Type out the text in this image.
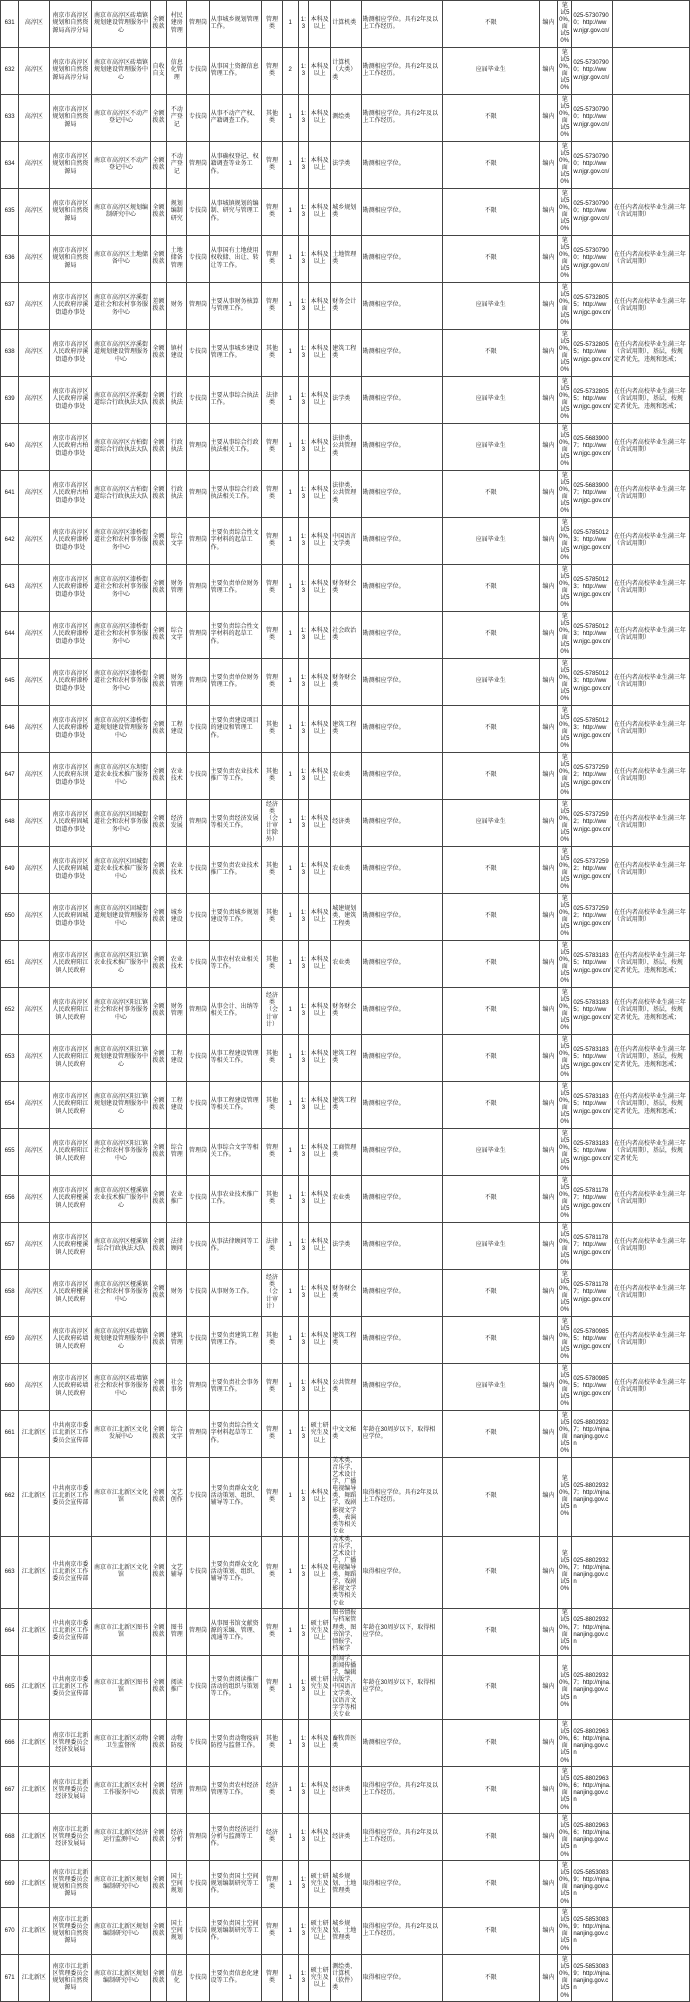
631	高淳区	南京市高淳区规划和自然资源局高淳分局	南京市高淳区砖墙镇规划建设管理服务中心	全额拨款	村民建房管理	管理岗	从事城乡规划管理工作。	管理类	1	1:3	本科及以上	计算机类	勘测相应学位。具有2年及以上工作经历。	不限	编内	笔试50%，面试50%	025-57307900；http://www.njgr.gov.cn/	
632	高淳区	南京市高淳区规划和自然资源局高淳分局	南京市高淳区砖墙镇规划建设管理服务中心	自收自支	信息化管理	专技岗	从事国土资源信息管理工作。	管理类	2	1:3	本科及以上	计算机（大类）类	勘测相应学位。具有2年及以上工作经历。	应届毕业生	编内	笔试50%，面试50%	025-57307900；http://www.njgr.gov.cn/	
633	高淳区	南京市高淳区规划和自然资源局	南京市高淳区不动产登记中心	全额拨款	不动产登记	专技岗	从事不动产产权、产籍调查工作。	其他类	1	1:3	本科及以上	测绘类	勘测相应学位。具有2年及以上工作经历。	不限	编内	笔试50%，面试50%	025-57307900；http://www.njgr.gov.cn/	
634	高淳区	南京市高淳区规划和自然资源局	南京市高淳区不动产登记中心	全额拨款	不动产登记	管理岗	从事确权登记、权籍调查等业务工作。	管理类	1	1:3	本科及以上	法学类	勘测相应学位。	不限	编内	笔试50%，面试50%	025-57307900；http://www.njgr.gov.cn/	
635	高淳区	南京市高淳区规划和自然资源局	南京市高淳区规划编制研究中心	全额拨款	规划编制研究	专技岗	从事城镇规划的编制、研究与管理工作。	管理类	1	1:3	本科及以上	城乡规划类	勘测相应学位。	不限	编内	笔试50%，面试50%	025-57307900；http://www.njgr.gov.cn/	在任内者高校毕业生满三年（含试用期）
636	高淳区	南京市高淳区规划和自然资源局	南京市高淳区土地储备中心	全额拨款	土地储备管理	专技岗	从事国有土地使用权收储、出让、转让等工作。	管理类	1	1:3	本科及以上	土地管理类	勘测相应学位。	不限	编内	笔试50%，面试50%	025-57307900；http://www.njgr.gov.cn/	在任内者高校毕业生满三年（含试用期）
637	高淳区	南京市高淳区人民政府淳溪街道办事处	南京市高淳区淳溪街道社会和农村事务服务中心	差额拨款	财务	管理岗	主要从事财务核算与管理工作。	管理类	1	1:3	本科及以上	财务会计类	勘测相应学位。	应届毕业生	编内	笔试50%，面试50%	025-57328055；http://www.njgc.gov.cn/	在任内者高校毕业生满三年（含试用期）
638	高淳区	南京市高淳区人民政府淳溪街道办事处	南京市高淳区淳溪街道规划建设管理服务中心	全额拨款	镇村建设	专技岗	主要从事城乡建设管理工作。	其他类	1	1:3	本科及以上	建筑工程类	勘测相应学位。	不限	编内	笔试50%，面试50%	025-57328055；http://www.njgc.gov.cn/	在任内者高校毕业生满三年（含试用期），基层，按规定者优先，违规和惩戒；
639	高淳区	南京市高淳区人民政府淳溪街道办事处	南京市高淳区淳溪街道综合行政执法大队	全额拨款	行政执法	专技岗	主要从事综合执法工作。	法律类	1	1:3	本科及以上	法学类	勘测相应学位。	应届毕业生	编内	笔试50%，面试50%	025-57328055；http://www.njgc.gov.cn/	在任内者高校毕业生满三年（含试用期），基层，按规定者优先，违规和惩戒；
640	高淳区	南京市高淳区人民政府古柏街道办事处	南京市高淳区古柏街道综合行政执法大队	全额拨款	行政执法	管理岗	主要从事综合行政执法相关工作。	管理类	1	1:3	本科及以上	法律类、公共管理类	勘测相应学位。	应届毕业生	编内	笔试50%，面试50%	025-56839007；http://www.njgc.gov.cn/	在任内者高校毕业生满三年（含试用期）
641	高淳区	南京市高淳区人民政府古柏街道办事处	南京市高淳区古柏街道综合行政执法大队	全额拨款	行政执法	管理岗	主要从事综合行政执法相关工作。	管理类	1	1:3	本科及以上	法律类、公共管理类	勘测相应学位。	不限	编内	笔试50%，面试50%	025-56839007；http://www.njgc.gov.cn/	在任内者高校毕业生满三年（含试用期）
642	高淳区	南京市高淳区人民政府漆桥街道办事处	南京市高淳区漆桥街道社会和农村事务服务中心	全额拨款	综合文字	管理岗	主要负责综合性文字材料的起草工作。	管理类	1	1:3	本科及以上	中国语言文学类	勘测相应学位。	应届毕业生	编内	笔试50%，面试50%	025-57850123；http://www.njgc.gov.cn/	在任内者高校毕业生满三年（含试用期）
643	高淳区	南京市高淳区人民政府漆桥街道办事处	南京市高淳区漆桥街道社会和农村事务服务中心	全额拨款	财务管理	管理岗	主要负责单位财务管理工作。	管理类	1	1:3	本科及以上	财务财会类	勘测相应学位。	不限	编内	笔试50%，面试50%	025-57850123；http://www.njgc.gov.cn/	在任内者高校毕业生满三年（含试用期）
644	高淳区	南京市高淳区人民政府漆桥街道办事处	南京市高淳区漆桥街道社会和农村事务服务中心	全额拨款	综合文字	管理岗	主要负责综合性文字材料的起草工作。	管理类	1	1:3	本科及以上	社会政治类	勘测相应学位。	不限	编内	笔试50%，面试50%	025-57850123；http://www.njgc.gov.cn/	在任内者高校毕业生满三年（含试用期）
645	高淳区	南京市高淳区人民政府漆桥街道办事处	南京市高淳区漆桥街道社会和农村事务服务中心	全额拨款	财务管理	管理岗	主要负责单位财务管理工作。	管理类	1	1:3	本科及以上	财务财会类	勘测相应学位。	应届毕业生	编内	笔试50%，面试50%	025-57850123；http://www.njgc.gov.cn/	在任内者高校毕业生满三年（含试用期）
646	高淳区	南京市高淳区人民政府漆桥街道办事处	南京市高淳区漆桥街道规划建设管理服务中心	全额拨款	工程建设	专技岗	主要负责建设项目的建设和管理工作。	其他类	1	1:3	本科及以上	建筑工程类	勘测相应学位。	不限	编内	笔试50%，面试50%	025-57850123；http://www.njgc.gov.cn/	在任内者高校毕业生满三年（含试用期）
647	高淳区	南京市高淳区人民政府东坝街道办事处	南京市高淳区东坝街道农业技术推广服务中心	全额拨款	农业技术	专技岗	主要负责农业技术推广等工作。	其他类	1	1:3	本科及以上	农业类	勘测相应学位。	不限	编内	笔试50%，面试50%	025-57372592；http://www.njgc.gov.cn/	在任内者高校毕业生满三年（含试用期）
648	高淳区	南京市高淳区人民政府固城街道办事处	南京市高淳区固城街道社会和农村事务服务中心	全额拨款	经济发展	管理岗	主要负责经济发展等相关工作。	经济类（会计审计除外）	1	1:3	本科及以上	经济类	勘测相应学位。	应届毕业生	编内	笔试50%，面试50%	025-57372592；http://www.njgc.gov.cn/	在任内者高校毕业生满三年（含试用期）
649	高淳区	南京市高淳区人民政府固城街道办事处	南京市高淳区固城街道农业技术推广服务中心	全额拨款	农业技术	专技岗	主要负责农业技术推广工作。	其他类	1	1:3	本科及以上	农业类	勘测相应学位。	不限	编内	笔试50%，面试50%	025-57372592；http://www.njgc.gov.cn/	在任内者高校毕业生满三年（含试用期）
650	高淳区	南京市高淳区人民政府固城街道办事处	南京市高淳区固城街道规划建设管理服务中心	全额拨款	城乡建设	专技岗	主要负责城乡规划建设等工作。	其他类	1	1:3	本科及以上	城建规划类、建筑工程类	勘测相应学位。	不限	编内	笔试50%，面试50%	025-57372592；http://www.njgc.gov.cn/	在任内者高校毕业生满三年（含试用期）
651	高淳区	南京市高淳区人民政府阳江镇人民政府	南京市高淳区阳江镇农业技术推广服务中心	全额拨款	农业技术	专技岗	从事农村农业相关等工作。	其他类	1	1:3	本科及以上	农业类	勘测相应学位。	不限	编内	笔试50%，面试50%	025-57831835；http://www.njgc.gov.cn/	在任内者高校毕业生满三年（含试用期），基层，按规定者优先，违规和惩戒；
652	高淳区	南京市高淳区人民政府阳江镇人民政府	南京市高淳区阳江镇社会和农村事务服务中心	全额拨款	财务管理	管理岗	从事会计、出纳等相关工作。	经济类（会计审计）	1	1:3	本科及以上	财务财会类	勘测相应学位。	不限	编内	笔试50%，面试50%	025-57831835；http://www.njgc.gov.cn/	在任内者高校毕业生满三年（含试用期），基层，按规定者优先，违规和惩戒；
653	高淳区	南京市高淳区人民政府阳江镇人民政府	南京市高淳区阳江镇规划建设管理服务中心	全额拨款	工程建设	专技岗	从事工程建设管理等相关工作。	其他类	1	1:3	本科及以上	建筑工程类	勘测相应学位。	不限	编内	笔试50%，面试50%	025-57831835；http://www.njgc.gov.cn/	在任内者高校毕业生满三年（含试用期），基层，按规定者优先，违规和惩戒；
654	高淳区	南京市高淳区人民政府阳江镇人民政府	南京市高淳区阳江镇规划建设管理服务中心	全额拨款	工程建设	专技岗	从事工程建设管理等相关工作。	其他类	1	1:3	本科及以上	建筑工程类	勘测相应学位。	不限	编内	笔试50%，面试50%	025-57831835；http://www.njgc.gov.cn/	在任内者高校毕业生满三年（含试用期），基层，按规定者优先，违规和惩戒；
655	高淳区	南京市高淳区人民政府阳江镇人民政府	南京市高淳区阳江镇社会和农村事务服务中心	全额拨款	综合管理	管理岗	从事综合文字等相关工作。	管理类	1	1:3	本科及以上	工商管理类	勘测相应学位。	应届毕业生	编内	笔试50%，面试50%	025-57831835；http://www.njgc.gov.cn/	在任内者高校毕业生满三年（含试用期），基层，按规定者优先
656	高淳区	南京市高淳区人民政府桠溪镇人民政府	南京市高淳区桠溪镇农业技术推广服务中心	全额拨款	农业推广	专技岗	从事农业技术推广工作。	其他类	1	1:3	本科及以上	农业类	勘测相应学位。	不限	编内	笔试50%，面试50%	025-57811787；http://www.njgc.gov.cn/	在任内者高校毕业生满三年（含试用期）
657	高淳区	南京市高淳区人民政府桠溪镇人民政府	南京市高淳区桠溪镇综合行政执法大队	全额拨款	法律顾问	专技岗	从事法律顾问等工作。	法律类	1	1:3	本科及以上	法学类	勘测相应学位。	应届毕业生	编内	笔试50%，面试50%	025-57811787；http://www.njgc.gov.cn/	在任内者高校毕业生满三年（含试用期）
658	高淳区	南京市高淳区人民政府桠溪镇人民政府	南京市高淳区桠溪镇社会和农村事务服务中心	全额拨款	财务	专技岗	从事财务工作。	经济类（会计审计）	1	1:3	本科及以上	财务财会类	勘测相应学位。	不限	编内	笔试50%，面试50%	025-57811787；http://www.njgc.gov.cn/	在任内者高校毕业生满三年（含试用期）
659	高淳区	南京市高淳区人民政府砖墙镇人民政府	南京市高淳区砖墙镇规划建设管理服务中心	全额拨款	建筑管理	专技岗	主要负责建筑工程管理工作。	其他类	1	1:3	本科及以上	建筑工程类	勘测相应学位。	不限	编内	笔试50%，面试50%	025-57809855；http://www.njgc.gov.cn/	在任内者高校毕业生满三年（含试用期）
660	高淳区	南京市高淳区人民政府砖墙镇人民政府	南京市高淳区砖墙镇社会和农村事务服务中心	全额拨款	社会事务	管理岗	主要负责社会事务管理工作。	管理类	1	1:3	本科及以上	公共管理类	勘测相应学位。	应届毕业生	编内	笔试50%，面试50%	025-57809855；http://www.njgc.gov.cn/	在任内者高校毕业生满三年（含试用期）
661	江北新区	中共南京市委江北新区工作委员会宣传部	南京市江北新区文化发展中心	全额拨款	综合文字	管理岗	主要负责综合性文字材料起草等工作。	管理类	1	1:3	硕士研究生及以上	中文文秘类	年龄在30周岁以下，取得相应学位。	不限	编内	笔试50%，面试50%	025-88029327；http://njna.nanjing.gov.cn	
662	江北新区	中共南京市委江北新区工作委员会宣传部	南京市江北新区文化馆	全额拨款	文艺创作	专技岗	主要负责群众文化活动策划、组织、辅导等工作。	管理类	1	1:3	本科及以上	美术类、音乐学、艺术设计学、广播电视编导类、舞蹈学、戏剧影视文学类、表演类等相关专业	取得相应学位。具有2年及以上工作经历。	不限	编内	笔试50%，面试50%	025-88029327；http://njna.nanjing.gov.cn	
663	江北新区	中共南京市委江北新区工作委员会宣传部	南京市江北新区文化馆	全额拨款	文艺辅导	专技岗	主要负责群众文化活动策划、组织、辅导等工作。	管理类	1	1:3	本科及以上	美术类、音乐学、艺术设计学、广播电视编导类、舞蹈学、戏剧影视文学类等相关专业	取得相应学位。	不限	编内	笔试50%，面试50%	025-88029327；http://njna.nanjing.gov.cn	
664	江北新区	中共南京市委江北新区工作委员会宣传部	南京市江北新区图书馆	全额拨款	图书管理	管理岗	从事图书馆文献资源的采编、管理、流通等工作。	管理类	1	1:3	硕士研究生及以上	图书情报与档案管理类、图书馆学、情报学、档案学	年龄在30周岁以下，取得相应学位。	不限	编内	笔试50%，面试50%	025-88029327；http://njna.nanjing.gov.cn	
665	江北新区	中共南京市委江北新区工作委员会宣传部	南京市江北新区图书馆	全额拨款	阅读推广	专技岗	主要负责阅读推广活动的组织与策划等工作。	管理类	1	1:3	硕士研究生及以上	新闻学、新闻传播学、编辑出版学、中国语言文学类、汉语言文字学等相关专业	年龄在30周岁以下，取得相应学位。	不限	编内	笔试50%，面试50%	025-88029327；http://njna.nanjing.gov.cn	
666	江北新区	南京市江北新区管理委员会经济发展局	南京市江北新区动物卫生监督所	全额拨款	动物防疫	专技岗	主要负责动物疫病防控与监督工作。	其他类	1	1:3	本科及以上	畜牧兽医类	勘测相应学位。	不限	编内	笔试50%，面试50%	025-88029636；http://njna.nanjing.gov.cn	
667	江北新区	南京市江北新区管理委员会经济发展局	南京市江北新区农村工作服务中心	全额拨款	经济管理	管理岗	主要负责农村经济管理等工作。	经济类	1	1:3	本科及以上	经济类	取得相应学位。具有2年及以上工作经历。	不限	编内	笔试50%，面试50%	025-88029636；http://njna.nanjing.gov.cn	
668	江北新区	南京市江北新区管理委员会经济发展局	南京市江北新区经济运行监测中心	全额拨款	经济分析	管理岗	主要负责经济运行分析与监测等工作。	经济类	1	1:3	本科及以上	经济类	取得相应学位。具有2年及以上工作经历。	不限	编内	笔试50%，面试50%	025-88029636；http://njna.nanjing.gov.cn	
669	江北新区	南京市江北新区管理委员会规划和自然资源局	南京市江北新区规划编制研究中心	全额拨款	国土空间规划	专技岗	主要负责国土空间规划编制研究等工作。	管理类	1	1:3	硕士研究生及以上	城乡规划、土地管理类	取得相应学位。	不限	编内	笔试50%，面试50%	025-58530839；http://njna.nanjing.gov.cn	
670	江北新区	南京市江北新区管理委员会规划和自然资源局	南京市江北新区规划编制研究中心	全额拨款	国土空间规划	专技岗	主要负责国土空间规划编制研究等工作。	管理类	1	1:3	硕士研究生及以上	城乡规划、土地管理类	取得相应学位。具有2年及以上工作经历。	不限	编内	笔试50%，面试50%	025-58530839；http://njna.nanjing.gov.cn	
671	江北新区	南京市江北新区管理委员会规划和自然资源局	南京市江北新区规划编制研究中心	全额拨款	信息化	专技岗	主要负责信息化建设等工作。	管理类	1	1:3	硕士研究生及以上	测绘类、计算机（软件）类	取得相应学位。	不限	编内	笔试50%，面试50%	025-58530839；http://njna.nanjing.gov.cn	
